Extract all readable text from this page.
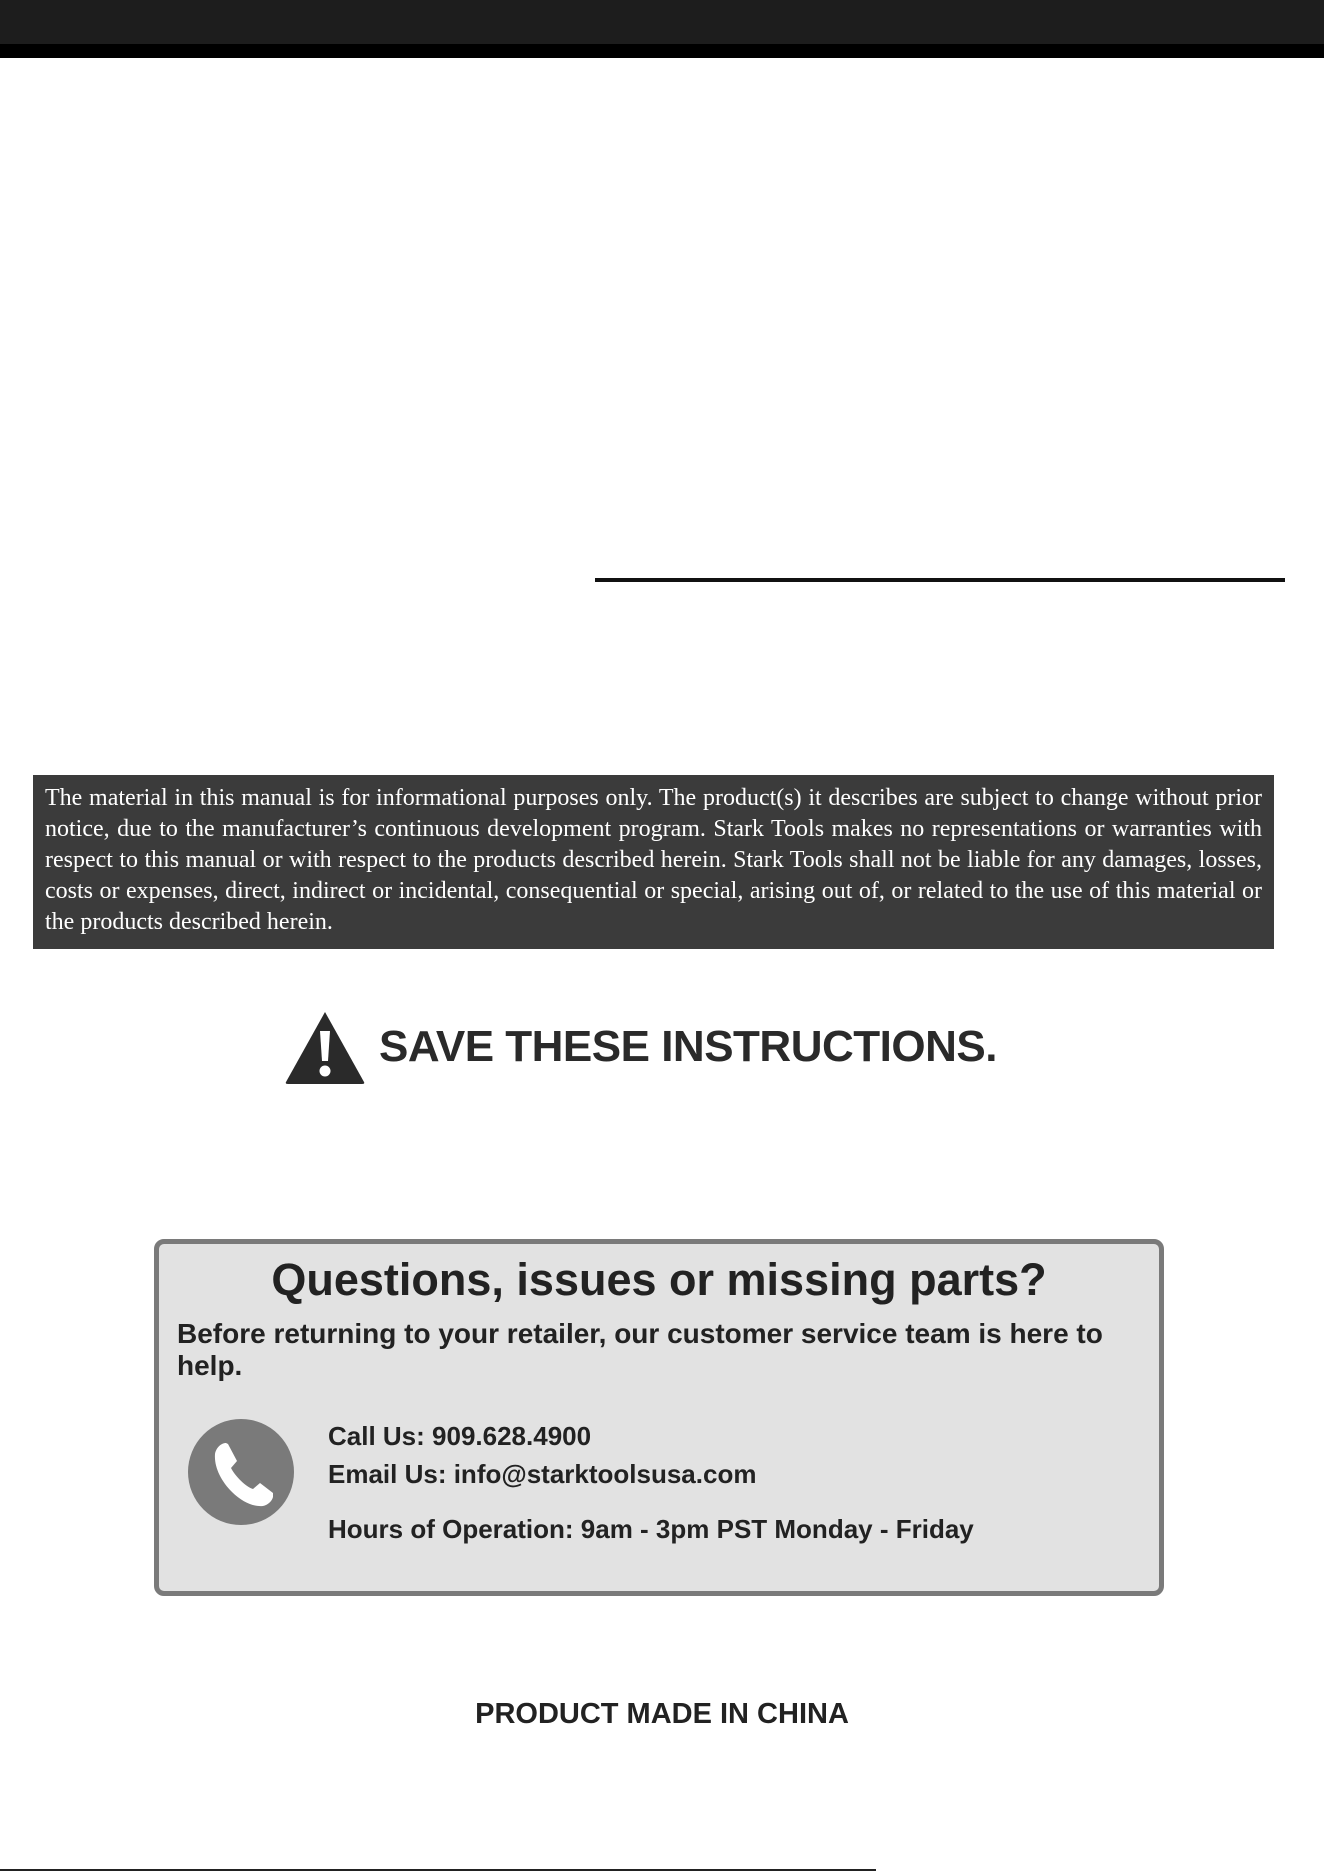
The material in this manual is for informational purposes only. The product(s) it describes are subject to change without prior notice, due to the manufacturer’s continuous development program. Stark Tools makes no representations or warranties with respect to this manual or with respect to the products described herein. Stark Tools shall not be liable for any damages, losses, costs or expenses, direct, indirect or incidental, consequential or special, arising out of, or related to the use of this material or the products described herein.

SAVE THESE INSTRUCTIONS.

Questions, issues or missing parts?

Before returning to your retailer, our customer service team is here to help.

Call Us: 909.628.4900

Email Us: info@starktoolsusa.com

Hours of Operation: 9am - 3pm PST Monday - Friday

PRODUCT MADE IN CHINA
